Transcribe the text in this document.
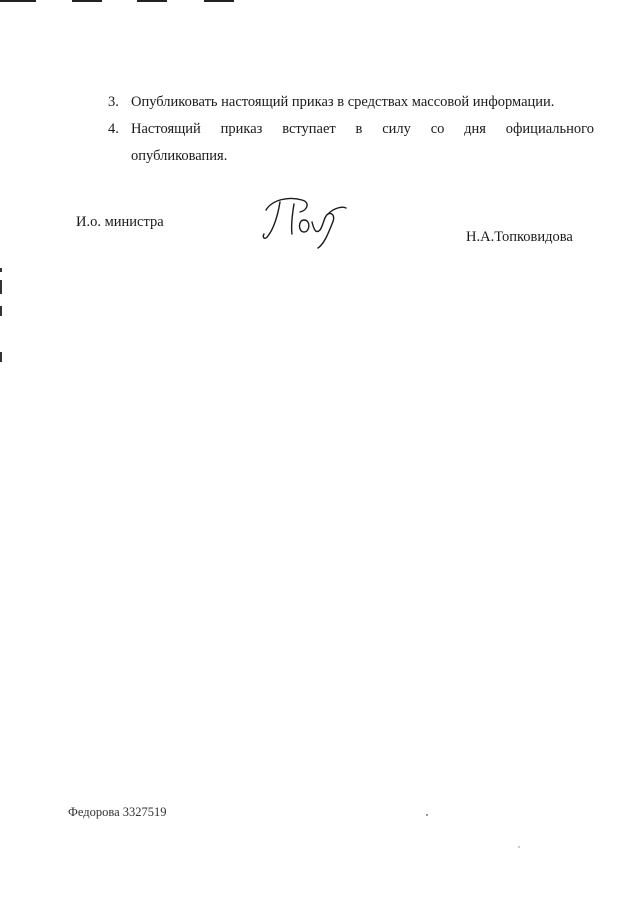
3. Опубликовать настоящий приказ в средствах массовой информации.
4. Настоящий приказ вступает в силу со дня официального
опубликовапия.
И.о. министра
Н.А.Топковидова
Федорова 3327519
